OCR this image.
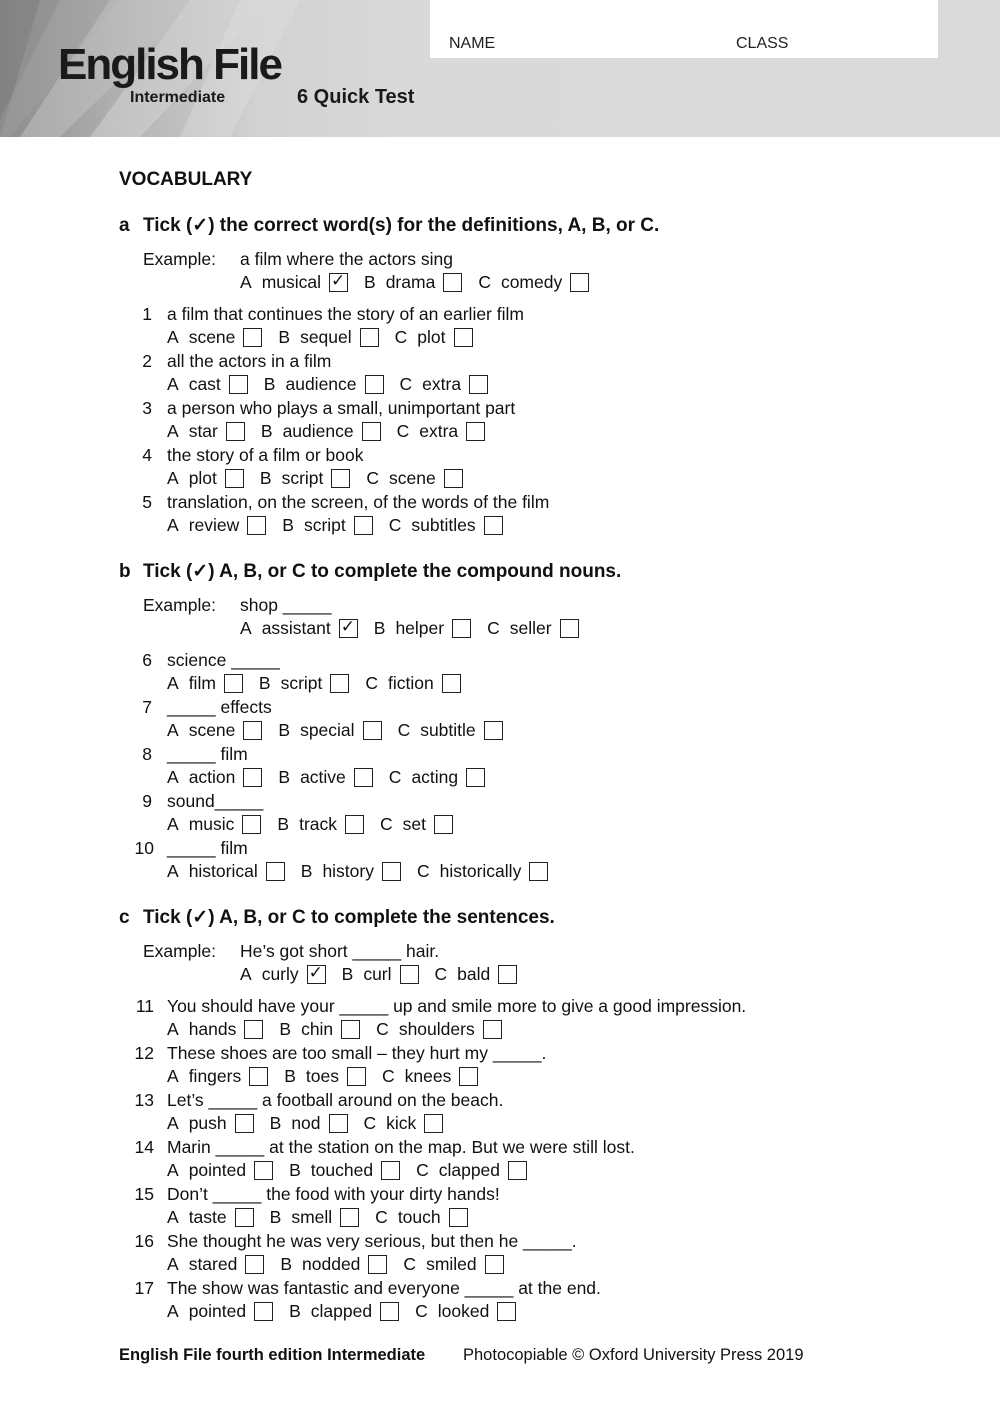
English File
Intermediate	6 Quick Test
NAME	CLASS
VOCABULARY
a Tick (✓) the correct word(s) for the definitions, A, B, or C.
Example: a film where the actors sing
A musical ✓ B drama C comedy
1 a film that continues the story of an earlier film
A scene B sequel C plot
2 all the actors in a film
A cast B audience C extra
3 a person who plays a small, unimportant part
A star B audience C extra
4 the story of a film or book
A plot B script C scene
5 translation, on the screen, of the words of the film
A review B script C subtitles
b Tick (✓) A, B, or C to complete the compound nouns.
Example: shop _____
A assistant ✓ B helper C seller
6 science _____
A film B script C fiction
7 _____ effects
A scene B special C subtitle
8 _____ film
A action B active C acting
9 sound_____
A music B track C set
10 _____ film
A historical B history C historically
c Tick (✓) A, B, or C to complete the sentences.
Example: He’s got short _____ hair.
A curly ✓ B curl C bald
11 You should have your _____ up and smile more to give a good impression.
A hands B chin C shoulders
12 These shoes are too small – they hurt my _____.
A fingers B toes C knees
13 Let’s _____ a football around on the beach.
A push B nod C kick
14 Marin _____ at the station on the map. But we were still lost.
A pointed B touched C clapped
15 Don’t _____ the food with your dirty hands!
A taste B smell C touch
16 She thought he was very serious, but then he _____.
A stared B nodded C smiled
17 The show was fantastic and everyone _____ at the end.
A pointed B clapped C looked
English File fourth edition Intermediate Photocopiable © Oxford University Press 2019
